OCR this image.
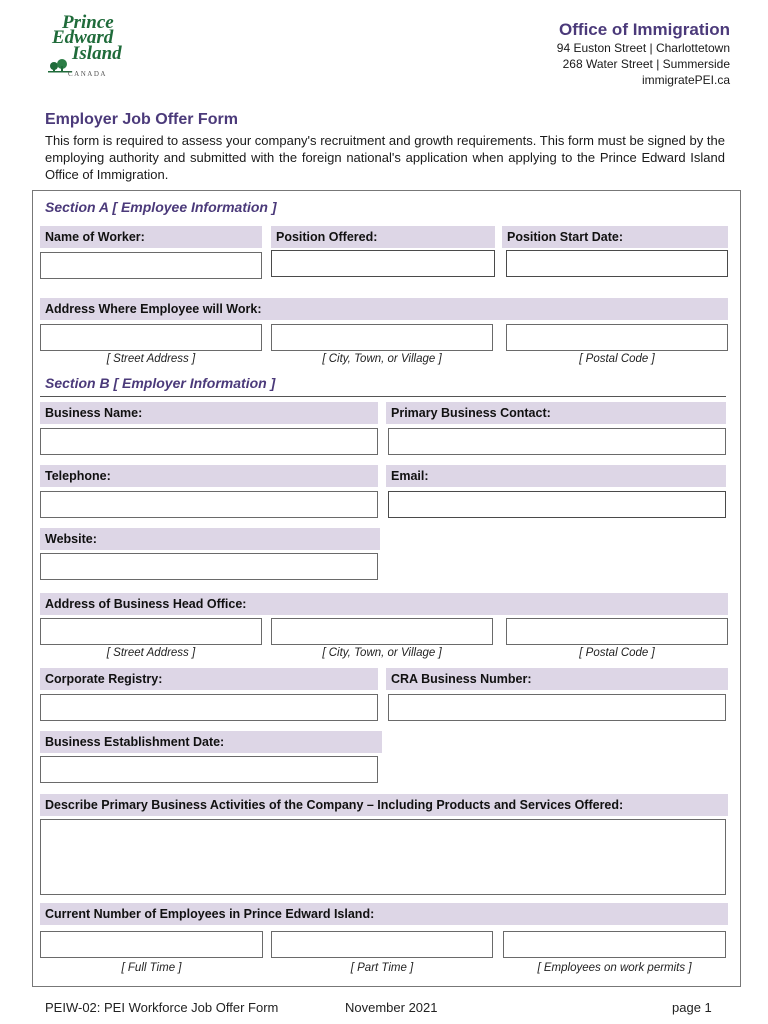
Prince
Edward
Island
CANADA
Office of Immigration
94 Euston Street | Charlottetown
268 Water Street | Summerside
immigratePEI.ca
Employer Job Offer Form
This form is required to assess your company's recruitment and growth requirements. This form must be signed by the employing authority and submitted with the foreign national's application when applying to the Prince Edward Island Office of Immigration.
Section A [ Employee Information ]
Name of Worker:	Position Offered:	Position Start Date:
Address Where Employee will Work:
[ Street Address ]	[ City, Town, or Village ]	[ Postal Code ]
Section B [ Employer Information ]
Business Name:	Primary Business Contact:
Telephone:	Email:
Website:
Address of Business Head Office:
[ Street Address ]	[ City, Town, or Village ]	[ Postal Code ]
Corporate Registry:	CRA Business Number:
Business Establishment Date:
Describe Primary Business Activities of the Company – Including Products and Services Offered:
Current Number of Employees in Prince Edward Island:
[ Full Time ]	[ Part Time ]	[ Employees on work permits ]
PEIW-02: PEI Workforce Job Offer Form	November 2021	page 1
